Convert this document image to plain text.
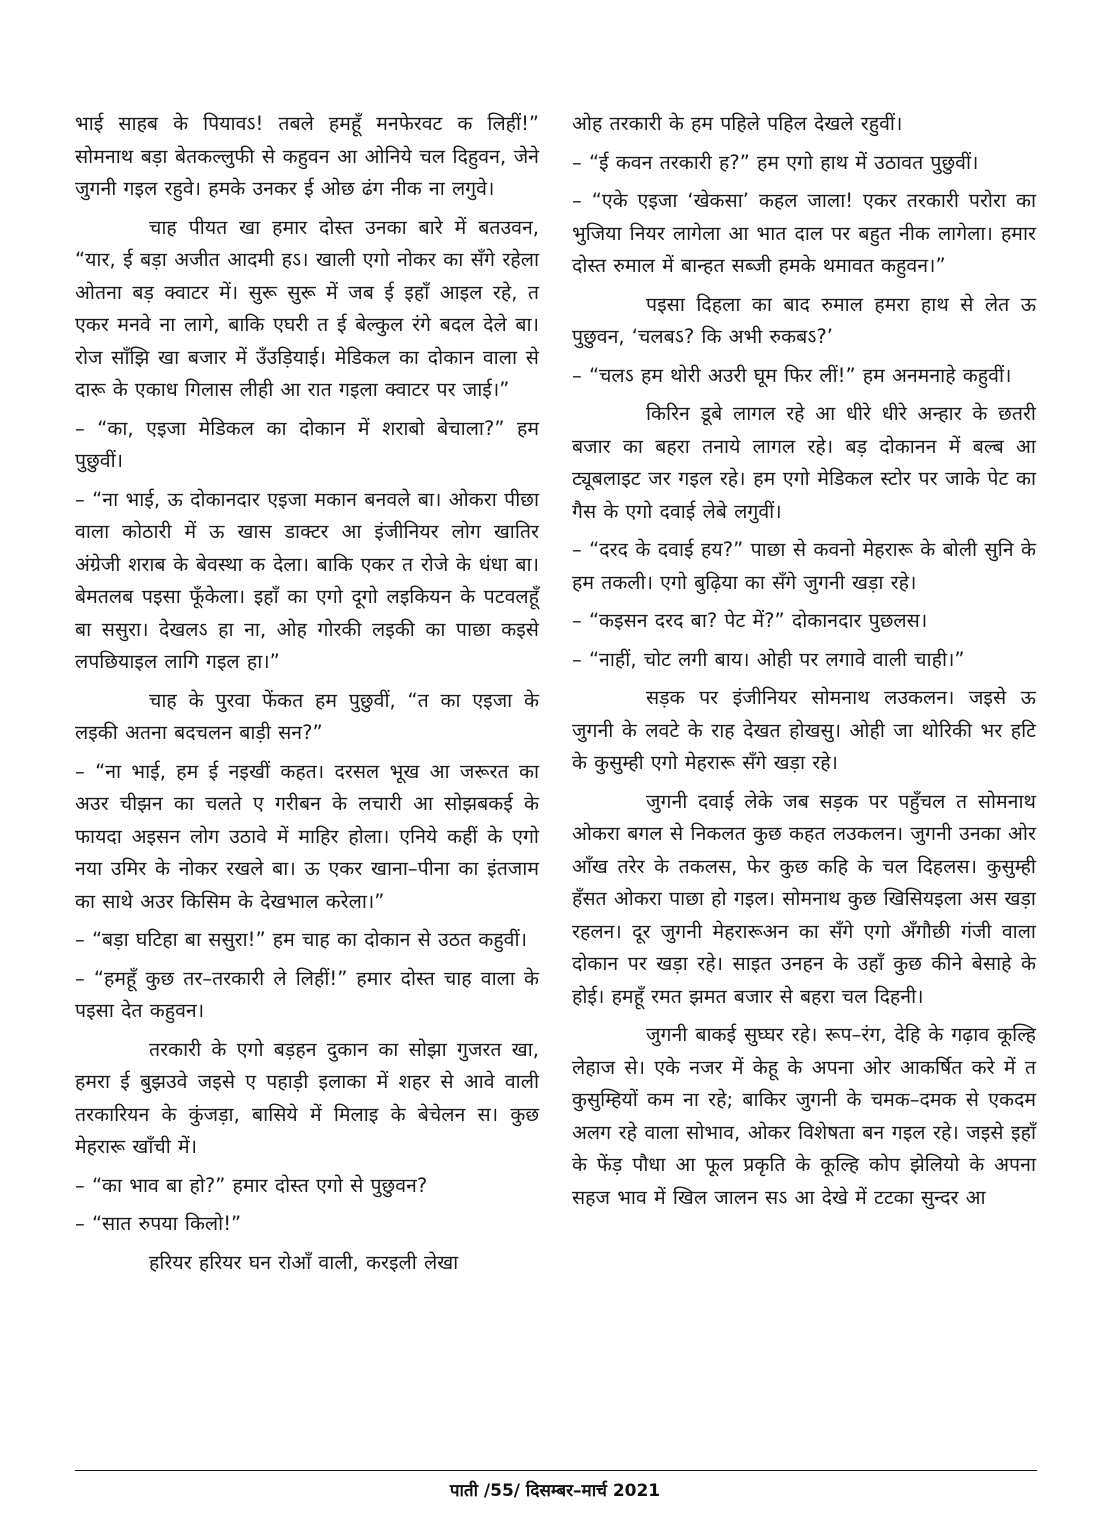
भाई साहब के पियावऽ! तबले हमहूँ मनफेरवट क लिहीं!” सोमनाथ बड़ा बेतकल्लुफी से कहुवन आ ओनिये चल दिहुवन, जेने जुगनी गइल रहुवे। हमके उनकर ई ओछ ढंग नीक ना लगुवे।

चाह पीयत खा हमार दोस्त उनका बारे में बतउवन, “यार, ई बड़ा अजीत आदमी हऽ। खाली एगो नोकर का सँगे रहेला ओतना बड़ क्वाटर में। सुरू सुरू में जब ई इहाँ आइल रहे, त एकर मनवे ना लागे, बाकि एघरी त ई बेल्कुल रंगे बदल देले बा। रोज साँझि खा बजार में उँउड़ियाई। मेडिकल का दोकान वाला से दारू के एकाध गिलास लीही आ रात गइला क्वाटर पर जाई।”

– “का, एइजा मेडिकल का दोकान में शराबो बेचाला?” हम पुछुवीं।

– “ना भाई, ऊ दोकानदार एइजा मकान बनवले बा। ओकरा पीछा वाला कोठारी में ऊ खास डाक्टर आ इंजीनियर लोग खातिर अंग्रेजी शराब के बेवस्था क देला। बाकि एकर त रोजे के धंधा बा। बेमतलब पइसा फूँकेला। इहाँ का एगो दूगो लइकियन के पटवलहूँ बा ससुरा। देखलऽ हा ना, ओह गोरकी लइकी का पाछा कइसे लपछियाइल लागि गइल हा।”

चाह के पुरवा फेंकत हम पुछुवीं, “त का एइजा के लइकी अतना बदचलन बाड़ी सन?”

– “ना भाई, हम ई नइखीं कहत। दरसल भूख आ जरूरत का अउर चीझन का चलते ए गरीबन के लचारी आ सोझबकई के फायदा अइसन लोग उठावे में माहिर होला। एनिये कहीं के एगो नया उमिर के नोकर रखले बा। ऊ एकर खाना–पीना का इंतजाम का साथे अउर किसिम के देखभाल करेला।”

– “बड़ा घटिहा बा ससुरा!” हम चाह का दोकान से उठत कहुवीं।

– “हमहूँ कुछ तर–तरकारी ले लिहीं!” हमार दोस्त चाह वाला के पइसा देत कहुवन।

तरकारी के एगो बड़हन दुकान का सोझा गुजरत खा, हमरा ई बुझउवे जइसे ए पहाड़ी इलाका में शहर से आवे वाली तरकारियन के कुंजड़ा, बासिये में मिलाइ के बेचेलन स। कुछ मेहरारू खाँची में।

– “का भाव बा हो?” हमार दोस्त एगो से पुछुवन?

– “सात रुपया किलो!”

हरियर हरियर घन रोआँ वाली, करइली लेखा

ओह तरकारी के हम पहिले पहिल देखले रहुवीं।

– “ई कवन तरकारी ह?” हम एगो हाथ में उठावत पुछुवीं।

– “एके एइजा ‘खेकसा’ कहल जाला! एकर तरकारी परोरा का भुजिया नियर लागेला आ भात दाल पर बहुत नीक लागेला। हमार दोस्त रुमाल में बान्हत सब्जी हमके थमावत कहुवन।”

पइसा दिहला का बाद रुमाल हमरा हाथ से लेत ऊ पुछुवन, ‘चलबऽ? कि अभी रुकबऽ?’

– “चलऽ हम थोरी अउरी घूम फिर लीं!” हम अनमनाहे कहुवीं।

किरिन डूबे लागल रहे आ धीरे धीरे अन्हार के छतरी बजार का बहरा तनाये लागल रहे। बड़ दोकानन में बल्ब आ ट्यूबलाइट जर गइल रहे। हम एगो मेडिकल स्टोर पर जाके पेट का गैस के एगो दवाई लेबे लगुवीं।

– “दरद के दवाई हय?” पाछा से कवनो मेहरारू के बोली सुनि के हम तकली। एगो बुढ़िया का सँगे जुगनी खड़ा रहे।

– “कइसन दरद बा? पेट में?” दोकानदार पुछलस।

– “नाहीं, चोट लगी बाय। ओही पर लगावे वाली चाही।”

सड़क पर इंजीनियर सोमनाथ लउकलन। जइसे ऊ जुगनी के लवटे के राह देखत होखसु। ओही जा थोरिकी भर हटि के कुसुम्ही एगो मेहरारू सँगे खड़ा रहे।

जुगनी दवाई लेके जब सड़क पर पहुँचल त सोमनाथ ओकरा बगल से निकलत कुछ कहत लउकलन। जुगनी उनका ओर आँख तरेर के तकलस, फेर कुछ कहि के चल दिहलस। कुसुम्ही हँसत ओकरा पाछा हो गइल। सोमनाथ कुछ खिसियइला अस खड़ा रहलन। दूर जुगनी मेहरारूअन का सँगे एगो अँगौछी गंजी वाला दोकान पर खड़ा रहे। साइत उनहन के उहाँ कुछ कीने बेसाहे के होई। हमहूँ रमत झमत बजार से बहरा चल दिहनी।

जुगनी बाकई सुघ्घर रहे। रूप–रंग, देहि के गढ़ाव कूल्हि लेहाज से। एके नजर में केहू के अपना ओर आकर्षित करे में त कुसुम्हियों कम ना रहे; बाकिर जुगनी के चमक–दमक से एकदम अलग रहे वाला सोभाव, ओकर विशेषता बन गइल रहे। जइसे इहाँ के फेंड़ पौधा आ फूल प्रकृति के कूल्हि कोप झेलियो के अपना सहज भाव में खिल जालन सऽ आ देखे में टटका सुन्दर आ

पाती /55/ दिसम्बर–मार्च 2021
